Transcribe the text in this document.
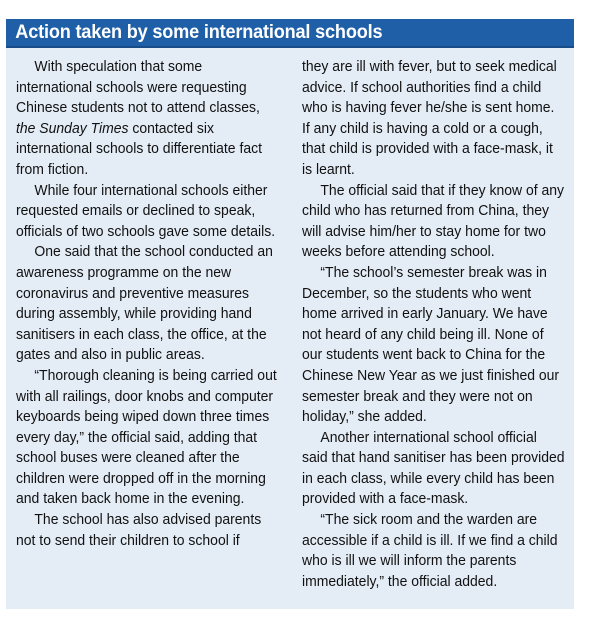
Action taken by some international schools

With speculation that some international schools were requesting Chinese students not to attend classes, the Sunday Times contacted six international schools to differentiate fact from fiction.

While four international schools either requested emails or declined to speak, officials of two schools gave some details.

One said that the school conducted an awareness programme on the new coronavirus and preventive measures during assembly, while providing hand sanitisers in each class, the office, at the gates and also in public areas.

“Thorough cleaning is being carried out with all railings, door knobs and computer keyboards being wiped down three times every day,” the official said, adding that school buses were cleaned after the children were dropped off in the morning and taken back home in the evening.

The school has also advised parents not to send their children to school if

they are ill with fever, but to seek medical advice. If school authorities find a child who is having fever he/she is sent home. If any child is having a cold or a cough, that child is provided with a face-mask, it is learnt.

The official said that if they know of any child who has returned from China, they will advise him/her to stay home for two weeks before attending school.

“The school’s semester break was in December, so the students who went home arrived in early January. We have not heard of any child being ill. None of our students went back to China for the Chinese New Year as we just finished our semester break and they were not on holiday,” she added.

Another international school official said that hand sanitiser has been provided in each class, while every child has been provided with a face-mask.

“The sick room and the warden are accessible if a child is ill. If we find a child who is ill we will inform the parents immediately,” the official added.
